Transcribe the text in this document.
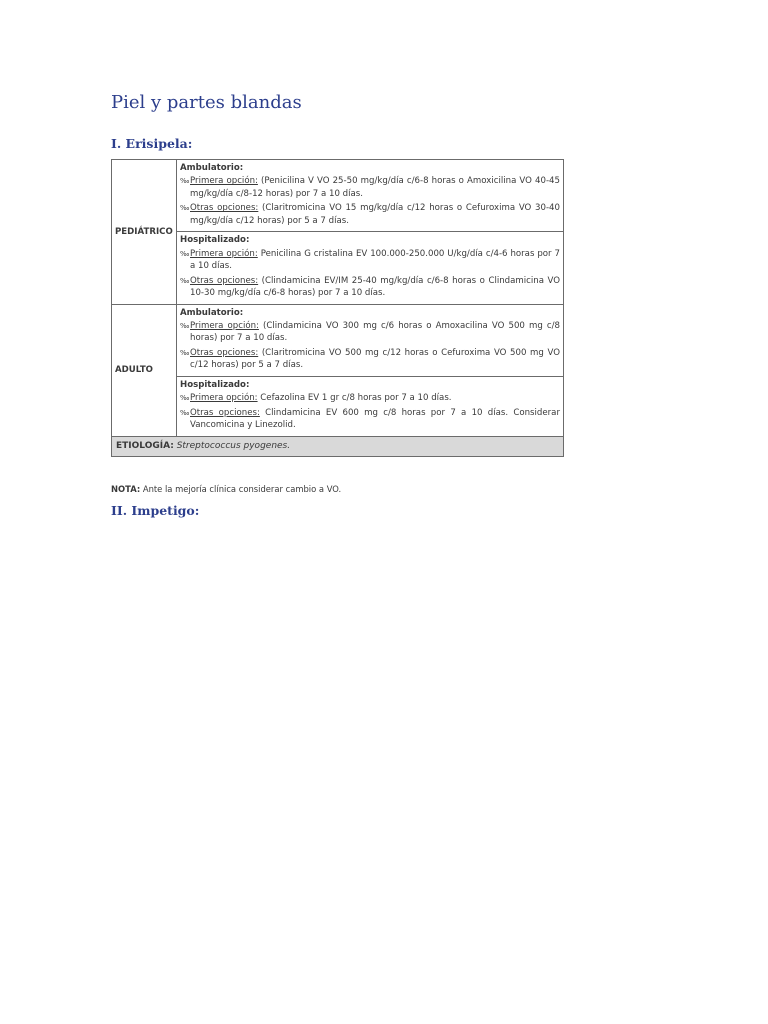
Piel y partes blandas
I. Erisipela:
PEDIÁTRICO	Ambulatorio:
‰Primera opción: (Penicilina V VO 25-50 mg/kg/día c/6-8 horas o Amoxicilina VO 40-45 mg/kg/día c/8-12 horas) por 7 a 10 días.
‰Otras opciones: (Claritromicina VO 15 mg/kg/día c/12 horas o Cefuroxima VO 30-40 mg/kg/día c/12 horas) por 5 a 7 días.

	Hospitalizado:
‰Primera opción: Penicilina G cristalina EV 100.000-250.000 U/kg/día c/4-6 horas por 7 a 10 días.
‰Otras opciones: (Clindamicina EV/IM 25-40 mg/kg/día c/6-8 horas o Clindamicina VO 10-30 mg/kg/día c/6-8 horas) por 7 a 10 días.

ADULTO	Ambulatorio:
‰Primera opción: (Clindamicina VO 300 mg c/6 horas o Amoxacilina VO 500 mg c/8 horas) por 7 a 10 días.
‰Otras opciones: (Claritromicina VO 500 mg c/12 horas o Cefuroxima VO 500 mg VO c/12 horas) por 5 a 7 días.

	Hospitalizado:
‰Primera opción: Cefazolina EV 1 gr c/8 horas por 7 a 10 días.
‰Otras opciones: Clindamicina EV 600 mg c/8 horas por 7 a 10 días. Considerar Vancomicina y Linezolid.

ETIOLOGÍA: Streptococcus pyogenes.	
NOTA: Ante la mejoría clínica considerar cambio a VO.
II. Impetigo:
